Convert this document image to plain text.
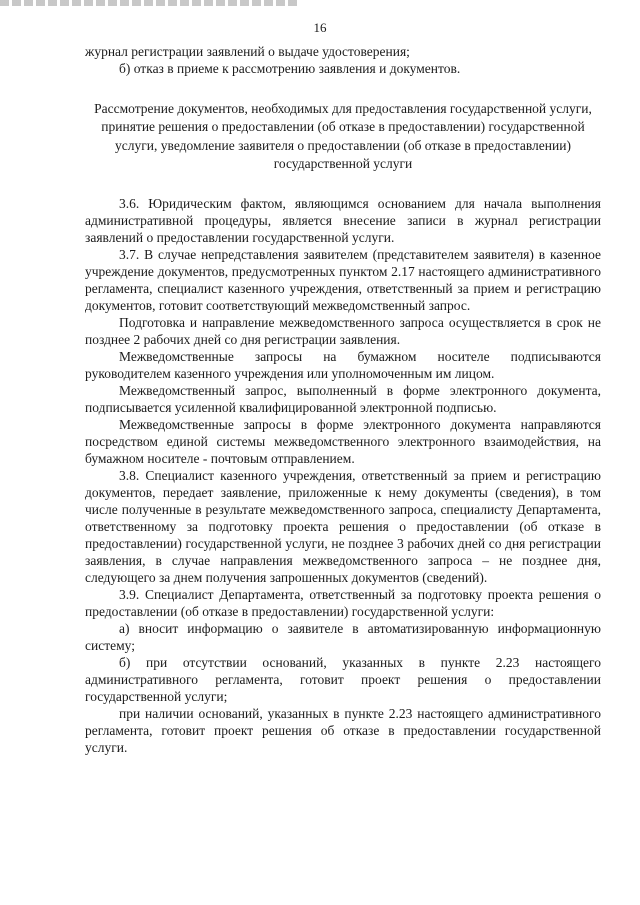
16

журнал регистрации заявлений о выдаче удостоверения;

б) отказ в приеме к рассмотрению заявления и документов.

Рассмотрение документов, необходимых для предоставления государственной услуги, принятие решения о предоставлении (об отказе в предоставлении) государственной услуги, уведомление заявителя о предоставлении (об отказе в предоставлении) государственной услуги

3.6. Юридическим фактом, являющимся основанием для начала выполнения административной процедуры, является внесение записи в журнал регистрации заявлений о предоставлении государственной услуги.

3.7. В случае непредставления заявителем (представителем заявителя) в казенное учреждение документов, предусмотренных пунктом 2.17 настоящего административного регламента, специалист казенного учреждения, ответственный за прием и регистрацию документов, готовит соответствующий межведомственный запрос.

Подготовка и направление межведомственного запроса осуществляется в срок не позднее 2 рабочих дней со дня регистрации заявления.

Межведомственные запросы на бумажном носителе подписываются руководителем казенного учреждения или уполномоченным им лицом.

Межведомственный запрос, выполненный в форме электронного документа, подписывается усиленной квалифицированной электронной подписью.

Межведомственные запросы в форме электронного документа направляются посредством единой системы межведомственного электронного взаимодействия, на бумажном носителе - почтовым отправлением.

3.8. Специалист казенного учреждения, ответственный за прием и регистрацию документов, передает заявление, приложенные к нему документы (сведения), в том числе полученные в результате межведомственного запроса, специалисту Департамента, ответственному за подготовку проекта решения о предоставлении (об отказе в предоставлении) государственной услуги, не позднее 3 рабочих дней со дня регистрации заявления, в случае направления межведомственного запроса – не позднее дня, следующего за днем получения запрошенных документов (сведений).

3.9. Специалист Департамента, ответственный за подготовку проекта решения о предоставлении (об отказе в предоставлении) государственной услуги:

а) вносит информацию о заявителе в автоматизированную информационную систему;

б) при отсутствии оснований, указанных в пункте 2.23 настоящего административного регламента, готовит проект решения о предоставлении государственной услуги;

при наличии оснований, указанных в пункте 2.23 настоящего административного регламента, готовит проект решения об отказе в предоставлении государственной услуги.
